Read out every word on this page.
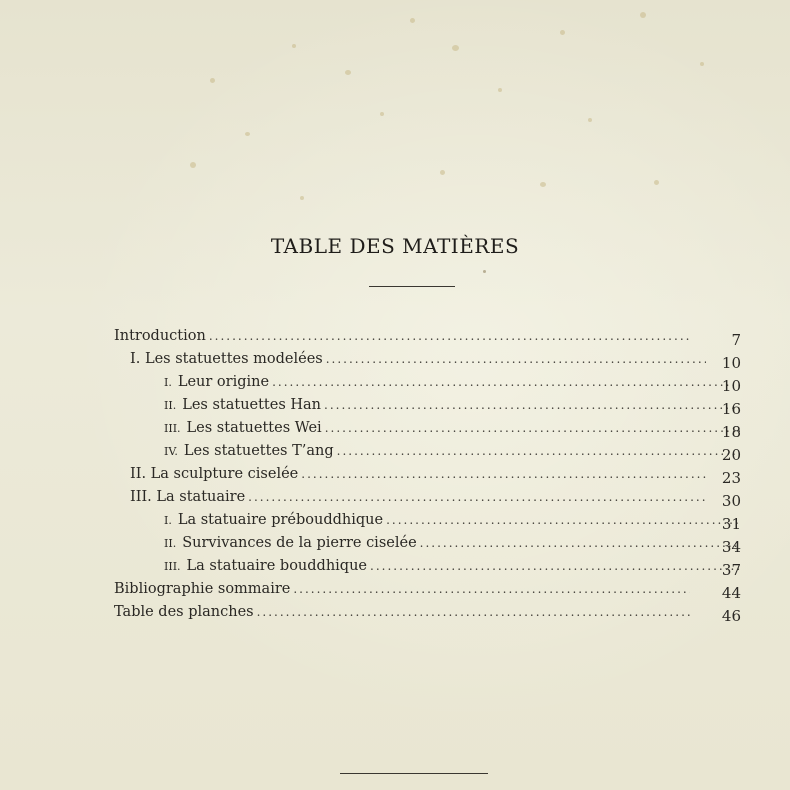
TABLE DES MATIÈRES
Introduction .....	7
I. Les statuettes modelées .....	10
I. Leur origine .....	10
II. Les statuettes Han .....	16
III. Les statuettes Wei .....	18
IV. Les statuettes T’ang .....	20
II. La sculpture ciselée .....	23
III. La statuaire .....	30
I. La statuaire prébouddhique .....	31
II. Survivances de la pierre ciselée .....	34
III. La statuaire bouddhique .....	37
Bibliographie sommaire .....	44
Table des planches .....	46
